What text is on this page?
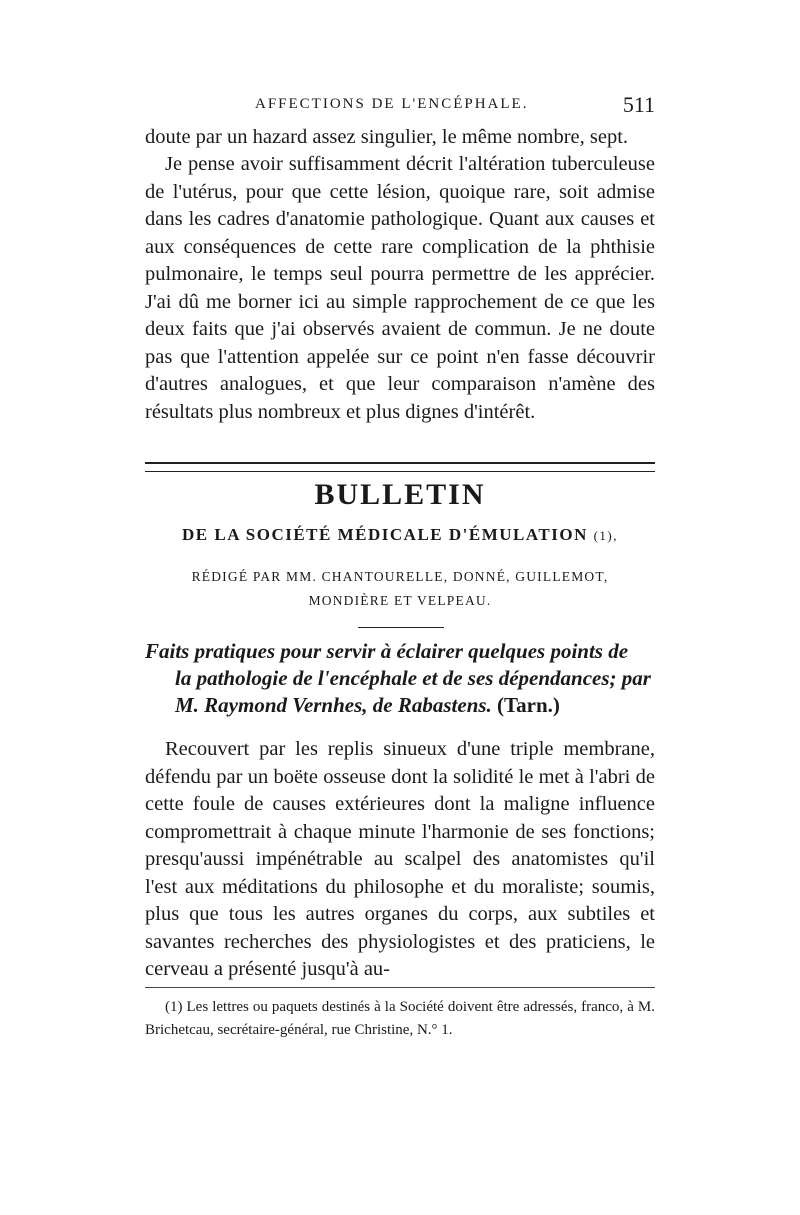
AFFECTIONS DE L'ENCÉPHALE.	511

doute par un hazard assez singulier, le même nombre, sept.

Je pense avoir suffisamment décrit l'altération tuberculeuse de l'utérus, pour que cette lésion, quoique rare, soit admise dans les cadres d'anatomie pathologique. Quant aux causes et aux conséquences de cette rare complication de la phthisie pulmonaire, le temps seul pourra permettre de les apprécier. J'ai dû me borner ici au simple rapprochement de ce que les deux faits que j'ai observés avaient de commun. Je ne doute pas que l'attention appelée sur ce point n'en fasse découvrir d'autres analogues, et que leur comparaison n'amène des résultats plus nombreux et plus dignes d'intérêt.

BULLETIN
DE LA SOCIÉTÉ MÉDICALE D'ÉMULATION (1),
RÉDIGÉ PAR MM. CHANTOURELLE, DONNÉ, GUILLEMOT,
MONDIÈRE ET VELPEAU.
Faits pratiques pour servir à éclairer quelques points de
la pathologie de l'encéphale et de ses dépendances; par
M. Raymond Vernhes, de Rabastens. (Tarn.)

Recouvert par les replis sinueux d'une triple membrane, défendu par un boëte osseuse dont la solidité le met à l'abri de cette foule de causes extérieures dont la maligne influence compromettrait à chaque minute l'harmonie de ses fonctions; presqu'aussi impénétrable au scalpel des anatomistes qu'il l'est aux méditations du philosophe et du moraliste; soumis, plus que tous les autres organes du corps, aux subtiles et savantes recherches des physiologistes et des praticiens, le cerveau a présenté jusqu'à au-

(1) Les lettres ou paquets destinés à la Société doivent être adressés, franco, à M. Brichetcau, secrétaire-général, rue Christine, N.° 1.
